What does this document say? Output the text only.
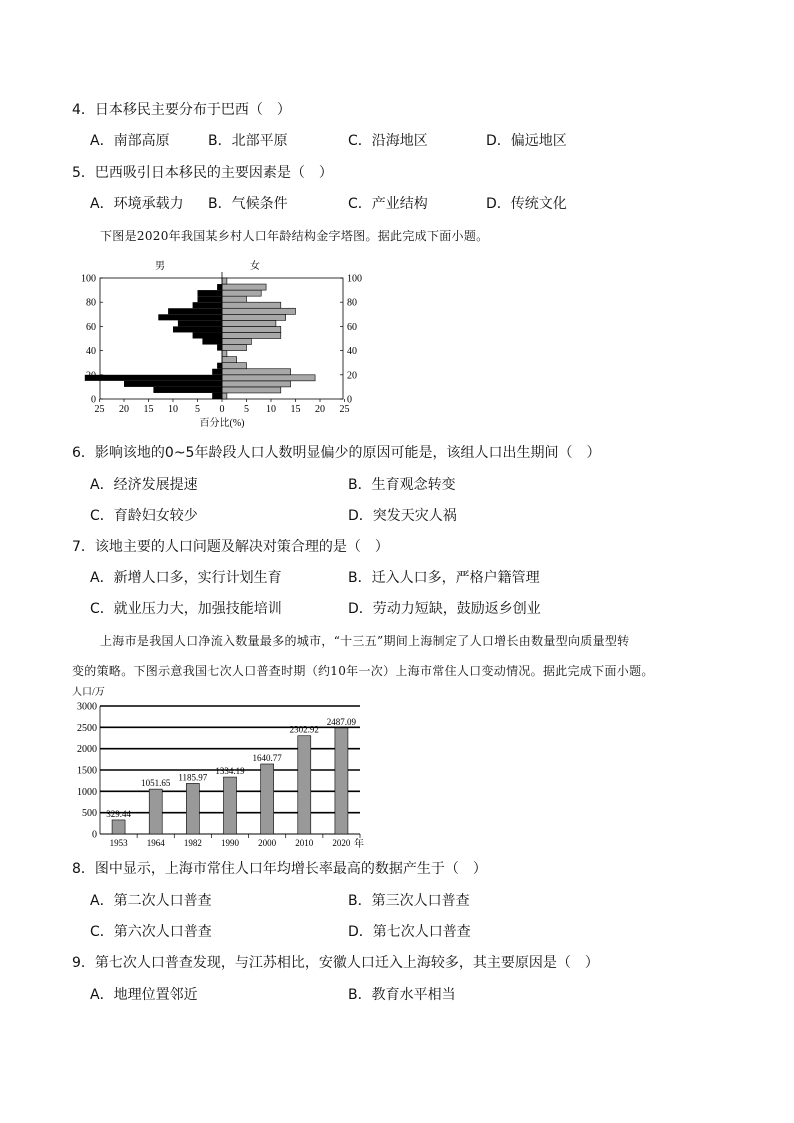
4．日本移民主要分布于巴西（　）
A．南部高原	B．北部平原	C．沿海地区	D．偏远地区
5．巴西吸引日本移民的主要因素是（　）
A．环境承载力 B．气候条件	C．产业结构	D．传统文化
下图是2020年我国某乡村人口年龄结构金字塔图。据此完成下面小题。
男	女
0	0
20
40	40
60	60
80	80
100	100
25 20 15 10 5 0 5 10 15 20 25
百分比(%)
6．影响该地的0~5年龄段人口人数明显偏少的原因可能是，该组人口出生期间（　）
A．经济发展提速	B．生育观念转变
C．育龄妇女较少	D．突发天灾人祸
7．该地主要的人口问题及解决对策合理的是（　）
A．新增人口多，实行计划生育	B．迁入人口多，严格户籍管理
C．就业压力大，加强技能培训	D．劳动力短缺，鼓励返乡创业
上海市是我国人口净流入数量最多的城市，“十三五”期间上海制定了人口增长由数量型向质量型转
变的策略。下图示意我国七次人口普查时期（约10年一次）上海市常住人口变动情况。据此完成下面小题。
人口/万
0
500
1000
1500
2000
2500
3000
329.44
1953
1051.65
1964
1185.97
1982
1334.19
1990
1640.77
2000
2302.92
2010
2487.09
2020 年
8．图中显示，上海市常住人口年均增长率最高的数据产生于（　）
A．第二次人口普查	B．第三次人口普查
C．第六次人口普查	D．第七次人口普查
9．第七次人口普查发现，与江苏相比，安徽人口迁入上海较多，其主要原因是（　）
A．地理位置邻近	B．教育水平相当
